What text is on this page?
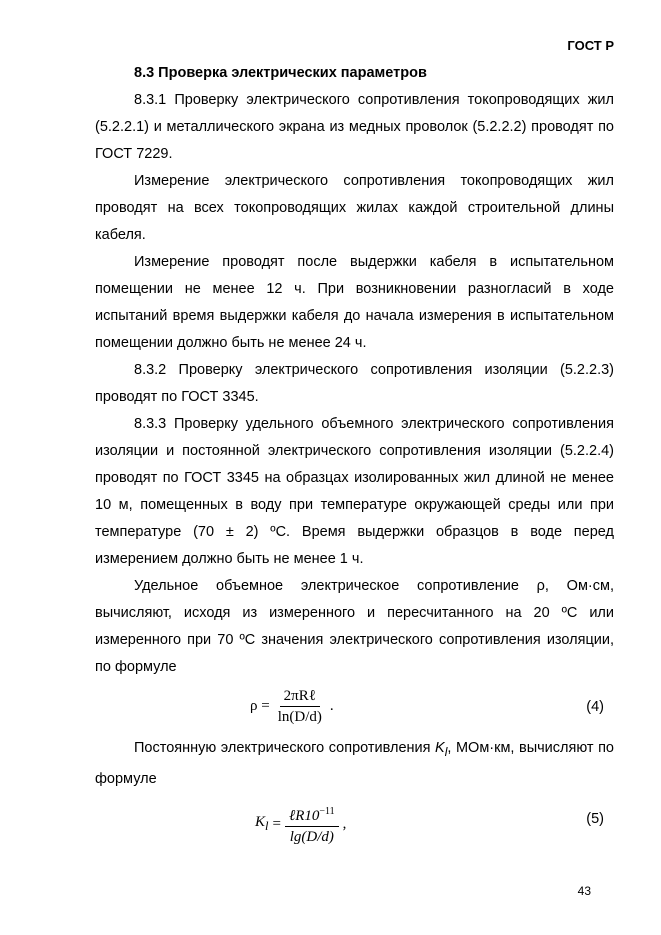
ГОСТ Р

8.3 Проверка электрических параметров

8.3.1 Проверку электрического сопротивления токопроводящих жил (5.2.2.1) и металлического экрана из медных проволок (5.2.2.2) проводят по ГОСТ 7229.

Измерение электрического сопротивления токопроводящих жил проводят на всех токопроводящих жилах каждой строительной длины кабеля.

Измерение проводят после выдержки кабеля в испытательном помещении не менее 12 ч. При возникновении разногласий в ходе испытаний время выдержки кабеля до начала измерения в испытательном помещении должно быть не менее 24 ч.

8.3.2 Проверку электрического сопротивления изоляции (5.2.2.3) проводят по ГОСТ 3345.

8.3.3 Проверку удельного объемного электрического сопротивления изоляции и постоянной электрического сопротивления изоляции (5.2.2.4) проводят по ГОСТ 3345 на образцах изолированных жил длиной не менее 10 м, помещенных в воду при температуре окружающей среды или при температуре (70 ± 2) ºС. Время выдержки образцов в воде перед измерением должно быть не менее 1 ч.

Удельное объемное электрическое сопротивление ρ, Ом·см, вычисляют, исходя из измеренного и пересчитанного на 20 ºС или измеренного при 70 ºС значения электрического сопротивления изоляции, по формуле

$\rho = \frac{\text{2πRℓ}}{\ln(D/d)}$ .	(4)

Постоянную электрического сопротивления $K_l$, МОм·км, вычисляют по формуле

$K_l = \frac{\ell R10^{-11}}{\lg(D/d)}$ ,	(5)
43
